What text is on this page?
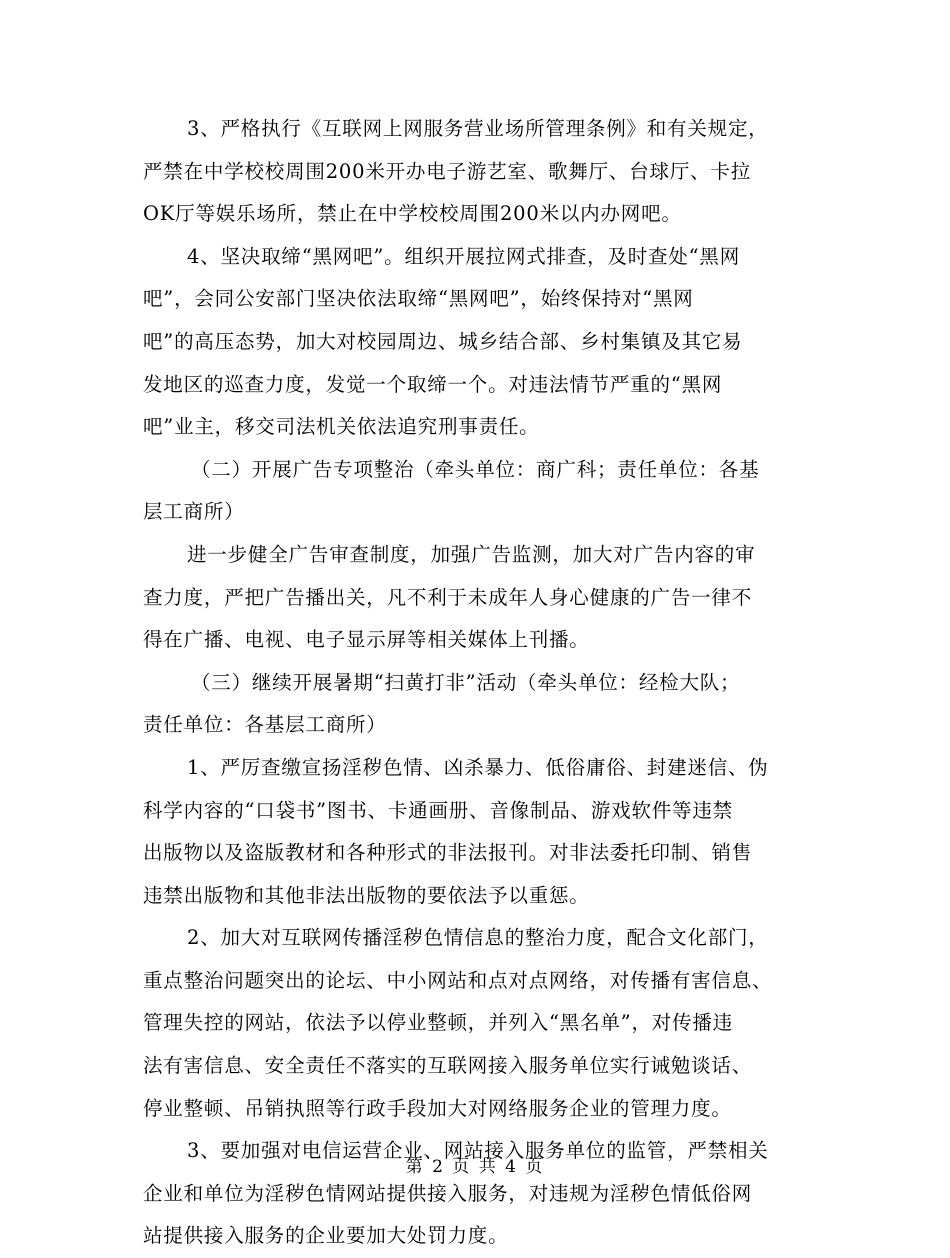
3、严格执行《互联网上网服务营业场所管理条例》和有关规定，
严禁在中学校校周围200米开办电子游艺室、歌舞厅、台球厅、卡拉
OK厅等娱乐场所，禁止在中学校校周围200米以内办网吧。
4、坚决取缔“黑网吧”。组织开展拉网式排查，及时查处“黑网
吧”，会同公安部门坚决依法取缔“黑网吧”，始终保持对“黑网
吧”的高压态势，加大对校园周边、城乡结合部、乡村集镇及其它易
发地区的巡查力度，发觉一个取缔一个。对违法情节严重的“黑网
吧”业主，移交司法机关依法追究刑事责任。
（二）开展广告专项整治（牵头单位：商广科；责任单位：各基
层工商所）
进一步健全广告审查制度，加强广告监测，加大对广告内容的审
查力度，严把广告播出关，凡不利于未成年人身心健康的广告一律不
得在广播、电视、电子显示屏等相关媒体上刊播。
（三）继续开展暑期“扫黄打非”活动（牵头单位：经检大队；
责任单位：各基层工商所）
1、严厉查缴宣扬淫秽色情、凶杀暴力、低俗庸俗、封建迷信、伪
科学内容的“口袋书”图书、卡通画册、音像制品、游戏软件等违禁
出版物以及盗版教材和各种形式的非法报刊。对非法委托印制、销售
违禁出版物和其他非法出版物的要依法予以重惩。
2、加大对互联网传播淫秽色情信息的整治力度，配合文化部门，
重点整治问题突出的论坛、中小网站和点对点网络，对传播有害信息、
管理失控的网站，依法予以停业整顿，并列入“黑名单”，对传播违
法有害信息、安全责任不落实的互联网接入服务单位实行诫勉谈话、
停业整顿、吊销执照等行政手段加大对网络服务企业的管理力度。
3、要加强对电信运营企业、网站接入服务单位的监管，严禁相关
企业和单位为淫秽色情网站提供接入服务，对违规为淫秽色情低俗网
站提供接入服务的企业要加大处罚力度。
第 2 页 共 4 页
